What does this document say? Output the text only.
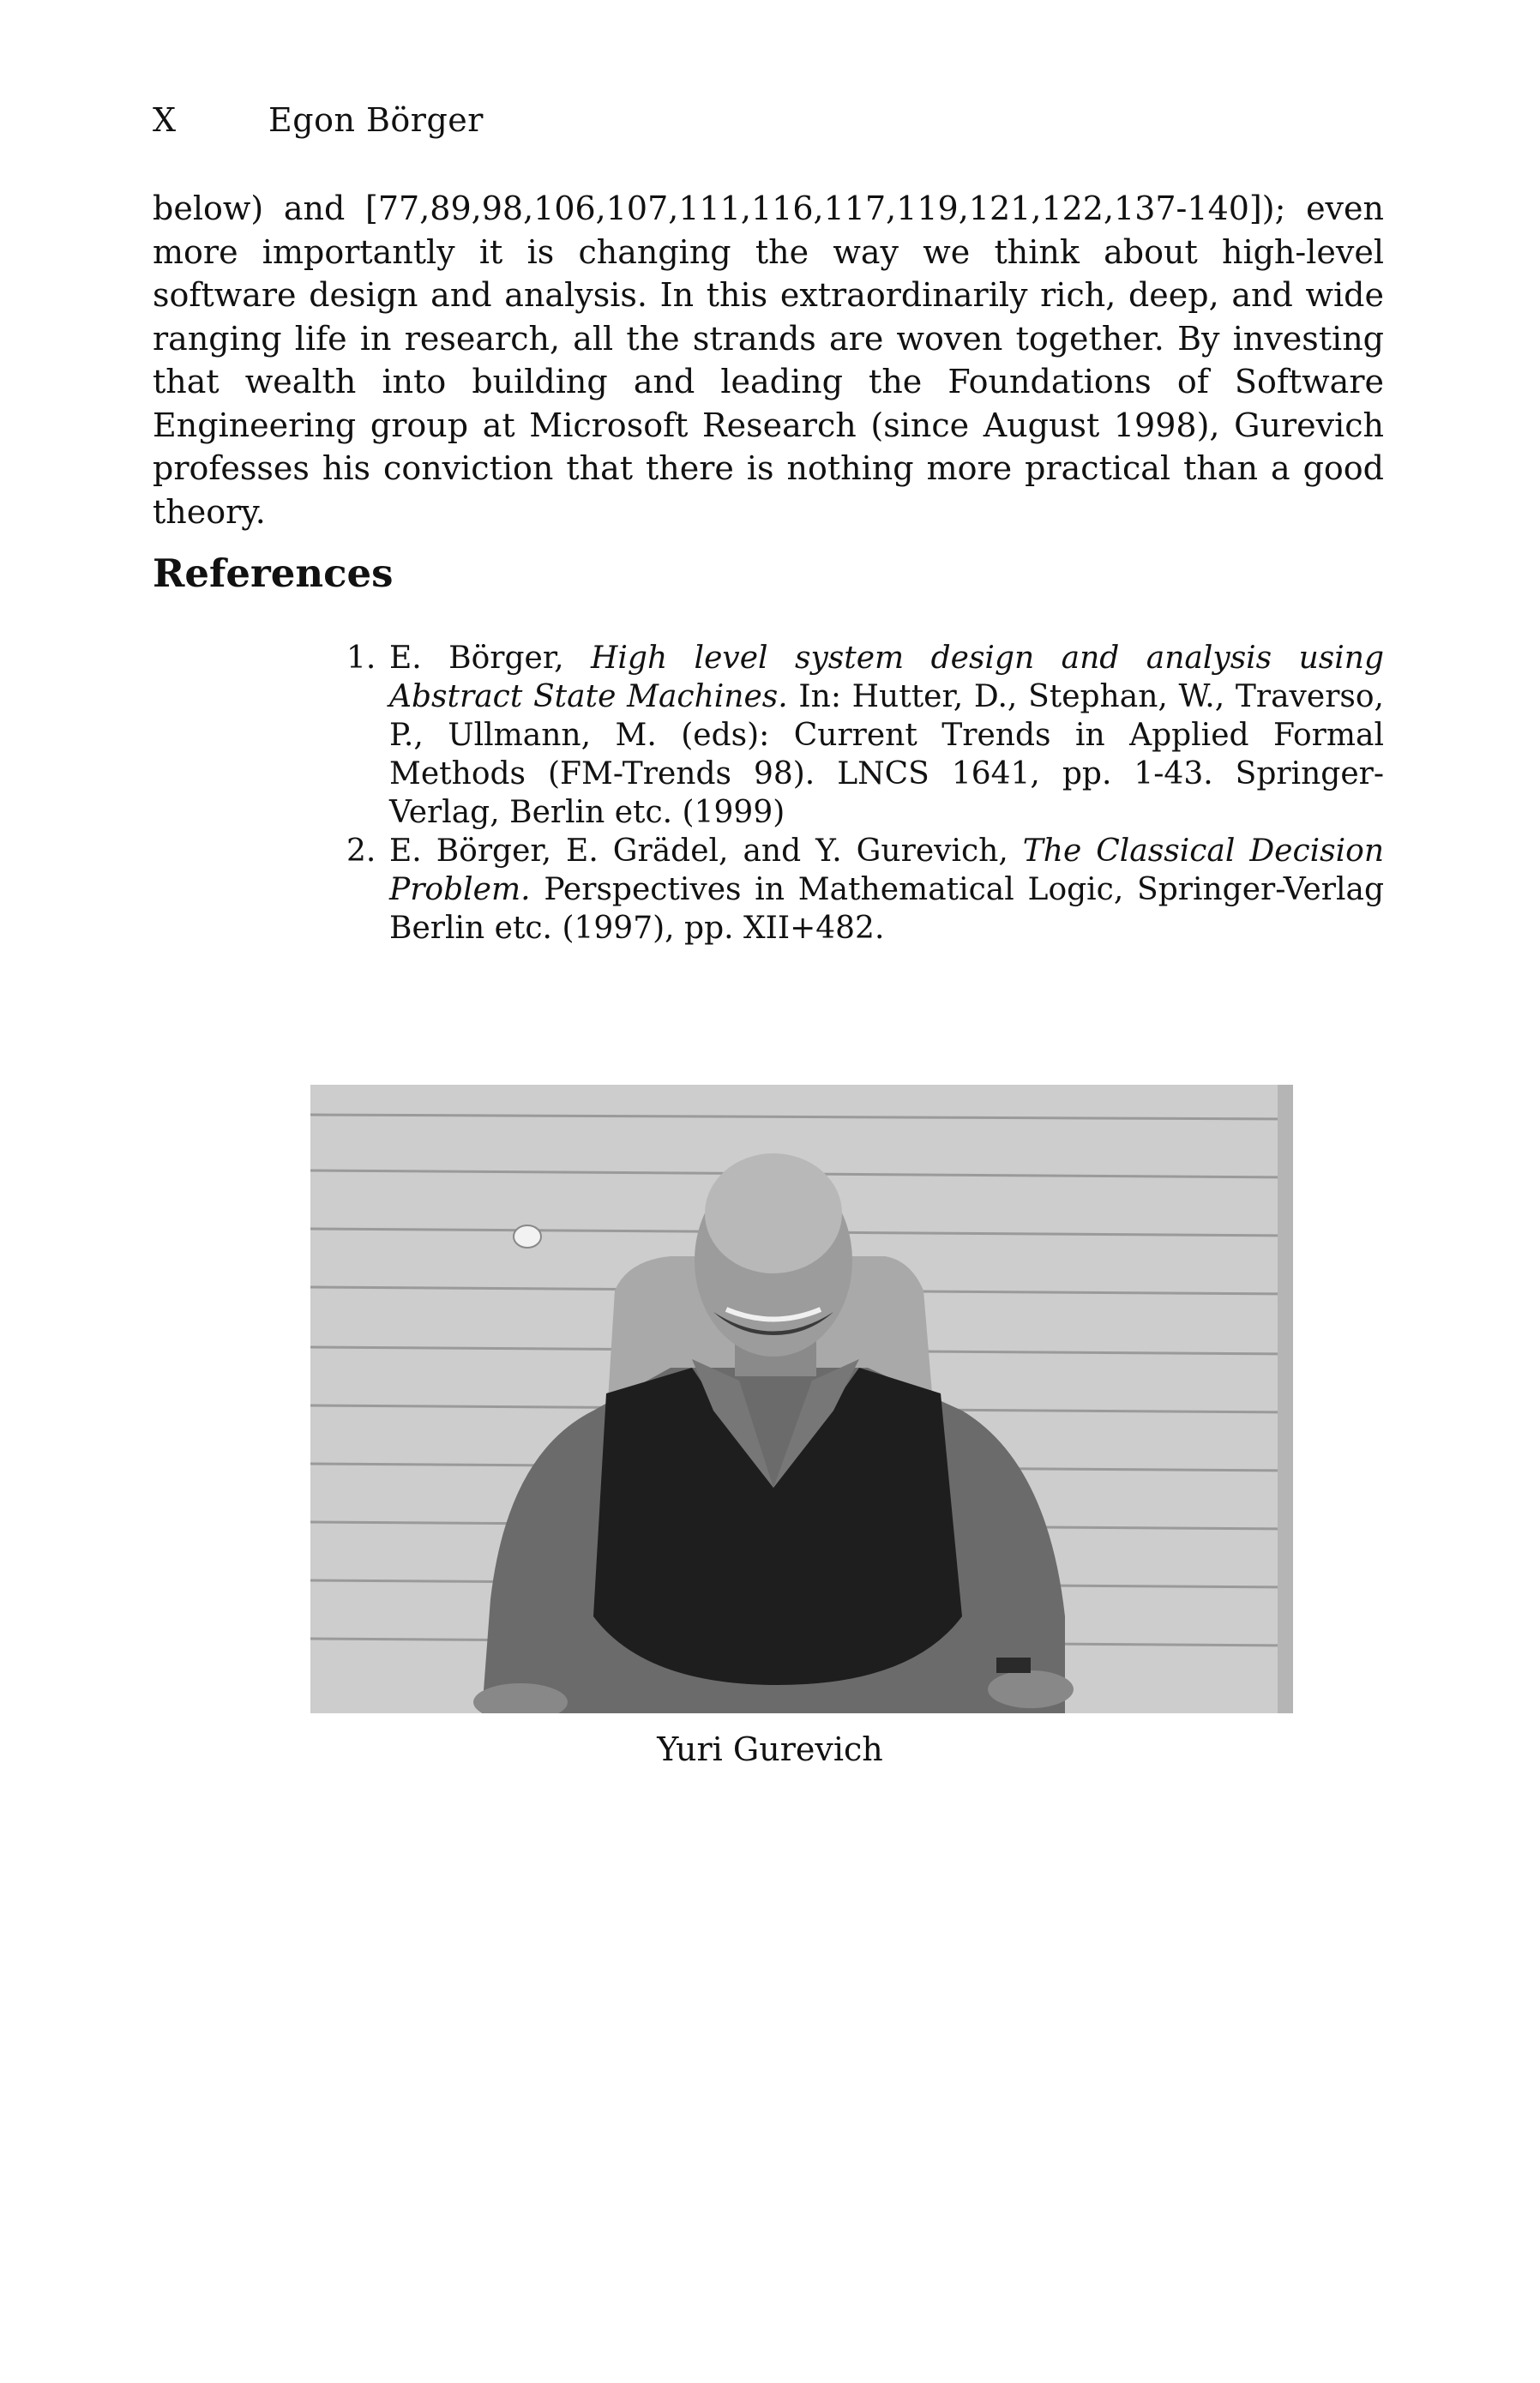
X	Egon Börger

below) and [77,89,98,106,107,111,116,117,119,121,122,137-140]); even more importantly it is changing the way we think about high-level software design and analysis. In this extraordinarily rich, deep, and wide ranging life in research, all the strands are woven together. By investing that wealth into building and leading the Foundations of Software Engineering group at Microsoft Research (since August 1998), Gurevich professes his conviction that there is nothing more practical than a good theory.

References
1. E. Börger, High level system design and analysis using Abstract State Machines. In: Hutter, D., Stephan, W., Traverso, P., Ullmann, M. (eds): Current Trends in Applied Formal Methods (FM-Trends 98). LNCS 1641, pp. 1-43. Springer-Verlag, Berlin etc. (1999)
2. E. Börger, E. Grädel, and Y. Gurevich, The Classical Decision Problem. Perspectives in Mathematical Logic, Springer-Verlag Berlin etc. (1997), pp. XII+482.
Yuri Gurevich
